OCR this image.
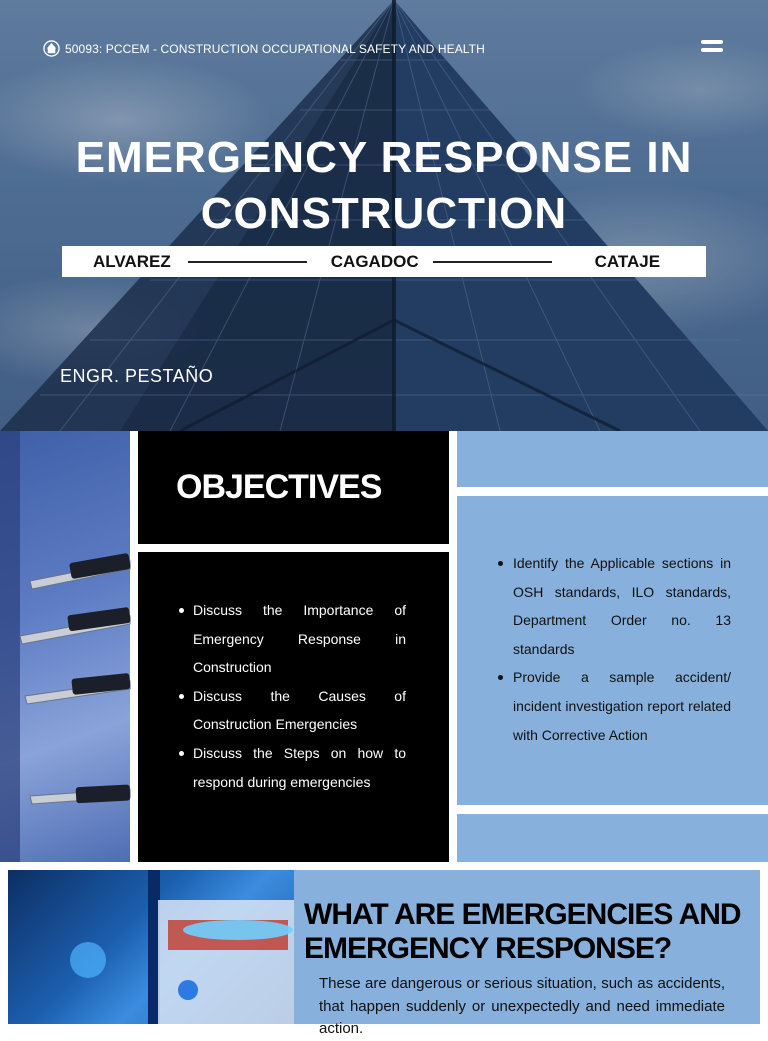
50093: PCCEM - CONSTRUCTION OCCUPATIONAL SAFETY AND HEALTH
EMERGENCY RESPONSE IN CONSTRUCTION
ALVAREZ	CAGADOC	CATAJE
ENGR. PESTAÑO
OBJECTIVES
Discuss the Importance of Emergency Response in Construction
Discuss the Causes of Construction Emergencies
Discuss the Steps on how to respond during emergencies
Identify the Applicable sections in OSH standards, ILO standards, Department Order no. 13 standards
Provide a sample accident/ incident investigation report related with Corrective Action
WHAT ARE EMERGENCIES AND EMERGENCY RESPONSE?

These are dangerous or serious situation, such as accidents, that happen suddenly or unexpectedly and need immediate action.
